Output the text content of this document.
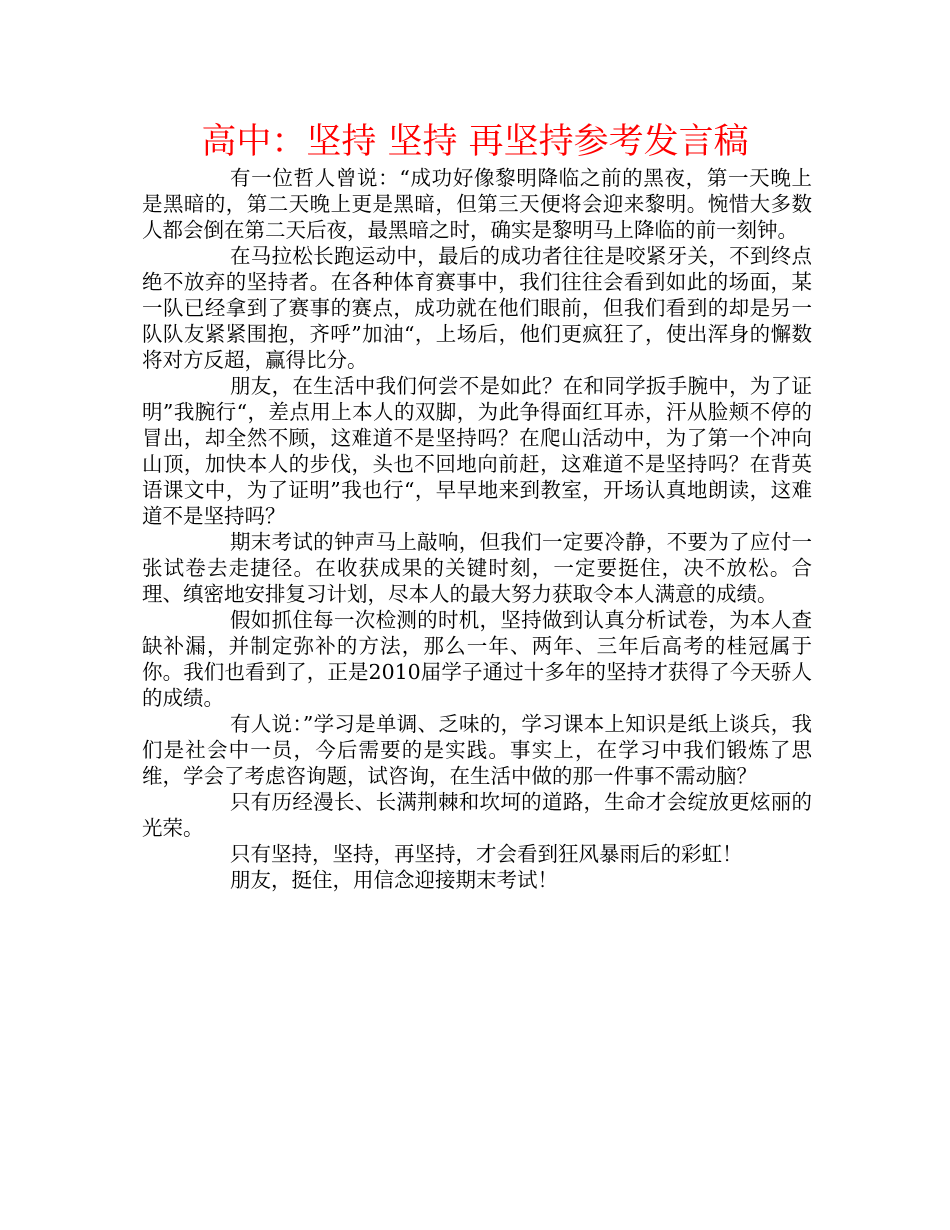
高中：坚持 坚持 再坚持参考发言稿

有一位哲人曾说：“成功好像黎明降临之前的黑夜，第一天晚上是黑暗的，第二天晚上更是黑暗，但第三天便将会迎来黎明。惋惜大多数人都会倒在第二天后夜，最黑暗之时，确实是黎明马上降临的前一刻钟。

在马拉松长跑运动中，最后的成功者往往是咬紧牙关，不到终点绝不放弃的坚持者。在各种体育赛事中，我们往往会看到如此的场面，某一队已经拿到了赛事的赛点，成功就在他们眼前，但我们看到的却是另一队队友紧紧围抱，齐呼”加油“，上场后，他们更疯狂了，使出浑身的懈数将对方反超，赢得比分。

朋友，在生活中我们何尝不是如此？在和同学扳手腕中，为了证明”我腕行“，差点用上本人的双脚，为此争得面红耳赤，汗从脸颊不停的冒出，却全然不顾，这难道不是坚持吗？在爬山活动中，为了第一个冲向山顶，加快本人的步伐，头也不回地向前赶，这难道不是坚持吗？在背英语课文中，为了证明”我也行“，早早地来到教室，开场认真地朗读，这难道不是坚持吗？

期末考试的钟声马上敲响，但我们一定要冷静，不要为了应付一张试卷去走捷径。在收获成果的关键时刻，一定要挺住，决不放松。合理、缜密地安排复习计划，尽本人的最大努力获取令本人满意的成绩。

假如抓住每一次检测的时机，坚持做到认真分析试卷，为本人查缺补漏，并制定弥补的方法，那么一年、两年、三年后高考的桂冠属于你。我们也看到了，正是2010届学子通过十多年的坚持才获得了今天骄人的成绩。

有人说：”学习是单调、乏味的，学习课本上知识是纸上谈兵，我们是社会中一员，今后需要的是实践。事实上，在学习中我们锻炼了思维，学会了考虑咨询题，试咨询，在生活中做的那一件事不需动脑？

只有历经漫长、长满荆棘和坎坷的道路，生命才会绽放更炫丽的光荣。

只有坚持，坚持，再坚持，才会看到狂风暴雨后的彩虹！

朋友，挺住，用信念迎接期末考试！
